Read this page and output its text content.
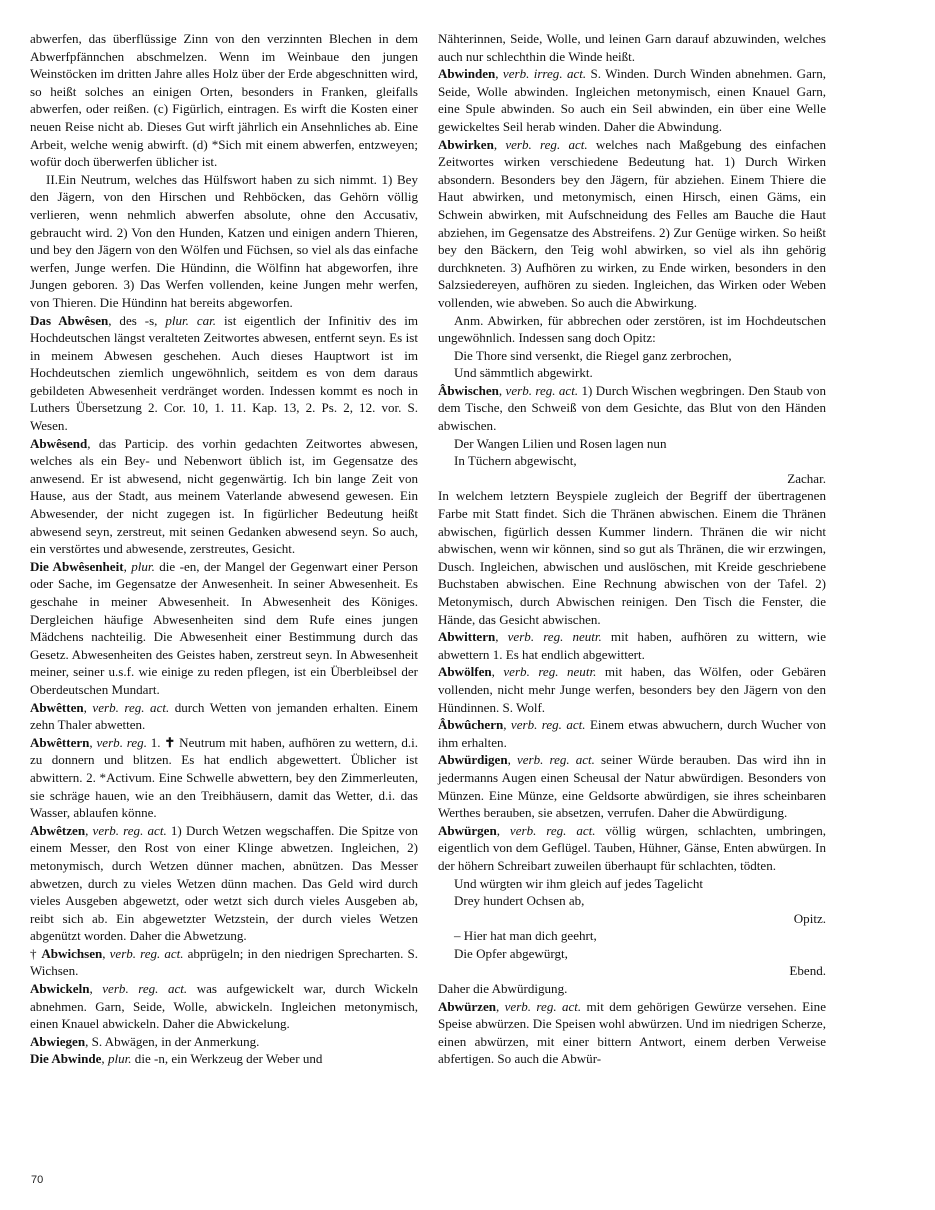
abwerfen, das überflüssige Zinn von den verzinnten Blechen in dem Abwerfpfännchen abschmelzen. Wenn im Weinbaue den jungen Weinstöcken im dritten Jahre alles Holz über der Erde abgeschnitten wird, so heißt solches an einigen Orten, besonders in Franken, gleifalls abwerfen, oder reißen. (c) Figürlich, eintragen. Es wirft die Kosten einer neuen Reise nicht ab. Dieses Gut wirft jährlich ein Ansehnliches ab. Eine Arbeit, welche wenig abwirft. (d) *Sich mit einem abwerfen, entzweyen; wofür doch überwerfen üblicher ist.

II.Ein Neutrum, welches das Hülfswort haben zu sich nimmt. 1) Bey den Jägern, von den Hirschen und Rehböcken, das Gehörn völlig verlieren, wenn nehmlich abwerfen absolute, ohne den Accusativ, gebraucht wird. 2) Von den Hunden, Katzen und einigen andern Thieren, und bey den Jägern von den Wölfen und Füchsen, so viel als das einfache werfen, Junge werfen. Die Hündinn, die Wölfinn hat abgeworfen, ihre Jungen geboren. 3) Das Werfen vollenden, keine Jungen mehr werfen, von Thieren. Die Hündinn hat bereits abgeworfen.

Das Abwêsen, des -s, plur. car. ist eigentlich der Infinitiv des im Hochdeutschen längst veralteten Zeitwortes abwesen, entfernt seyn. Es ist in meinem Abwesen geschehen. Auch dieses Hauptwort ist im Hochdeutschen ziemlich ungewöhnlich, seitdem es von dem daraus gebildeten Abwesenheit verdränget worden. Indessen kommt es noch in Luthers Übersetzung 2. Cor. 10, 1. 11. Kap. 13, 2. Ps. 2, 12. vor. S. Wesen.

Abwêsend, das Particip. des vorhin gedachten Zeitwortes abwesen, welches als ein Bey- und Nebenwort üblich ist, im Gegensatze des anwesend. Er ist abwesend, nicht gegenwärtig. Ich bin lange Zeit von Hause, aus der Stadt, aus meinem Vaterlande abwesend gewesen. Ein Abwesender, der nicht zugegen ist. In figürlicher Bedeutung heißt abwesend seyn, zerstreut, mit seinen Gedanken abwesend seyn. So auch, ein verstörtes und abwesende, zerstreutes, Gesicht.

Die Abwêsenheit, plur. die -en, der Mangel der Gegenwart einer Person oder Sache, im Gegensatze der Anwesenheit. In seiner Abwesenheit. Es geschahe in meiner Abwesenheit. In Abwesenheit des Königes. Dergleichen häufige Abwesenheiten sind dem Rufe eines jungen Mädchens nachteilig. Die Abwesenheit einer Bestimmung durch das Gesetz. Abwesenheiten des Geistes haben, zerstreut seyn. In Abwesenheit meiner, seiner u.s.f. wie einige zu reden pflegen, ist ein Überbleibsel der Oberdeutschen Mundart.

Abwêtten, verb. reg. act. durch Wetten von jemanden erhalten. Einem zehn Thaler abwetten.

Abwêttern, verb. reg. 1. ✝ Neutrum mit haben, aufhören zu wettern, d.i. zu donnern und blitzen. Es hat endlich abgewettert. Üblicher ist abwittern. 2. *Activum. Eine Schwelle abwettern, bey den Zimmerleuten, sie schräge hauen, wie an den Treibhäusern, damit das Wetter, d.i. das Wasser, ablaufen könne.

Abwêtzen, verb. reg. act. 1) Durch Wetzen wegschaffen. Die Spitze von einem Messer, den Rost von einer Klinge abwetzen. Ingleichen, 2) metonymisch, durch Wetzen dünner machen, abnützen. Das Messer abwetzen, durch zu vieles Wetzen dünn machen. Das Geld wird durch vieles Ausgeben abgewetzt, oder wetzt sich durch vieles Ausgeben ab, reibt sich ab. Ein abgewetzter Wetzstein, der durch vieles Wetzen abgenützt worden. Daher die Abwetzung.

† Abwichsen, verb. reg. act. abprügeln; in den niedrigen Sprecharten. S. Wichsen.

Abwickeln, verb. reg. act. was aufgewickelt war, durch Wickeln abnehmen. Garn, Seide, Wolle, abwickeln. Ingleichen metonymisch, einen Knauel abwickeln. Daher die Abwickelung.

Abwiegen, S. Abwägen, in der Anmerkung.

Die Abwinde, plur. die -n, ein Werkzeug der Weber und

Nähterinnen, Seide, Wolle, und leinen Garn darauf abzuwinden, welches auch nur schlechthin die Winde heißt.

Abwinden, verb. irreg. act. S. Winden. Durch Winden abnehmen. Garn, Seide, Wolle abwinden. Ingleichen metonymisch, einen Knauel Garn, eine Spule abwinden. So auch ein Seil abwinden, ein über eine Welle gewickeltes Seil herab winden. Daher die Abwindung.

Abwirken, verb. reg. act. welches nach Maßgebung des einfachen Zeitwortes wirken verschiedene Bedeutung hat. 1) Durch Wirken absondern. Besonders bey den Jägern, für abziehen. Einem Thiere die Haut abwirken, und metonymisch, einen Hirsch, einen Gäms, ein Schwein abwirken, mit Aufschneidung des Felles am Bauche die Haut abziehen, im Gegensatze des Abstreifens. 2) Zur Genüge wirken. So heißt bey den Bäckern, den Teig wohl abwirken, so viel als ihn gehörig durchkneten. 3) Aufhören zu wirken, zu Ende wirken, besonders in den Salzsiedereyen, aufhören zu sieden. Ingleichen, das Wirken oder Weben vollenden, wie abweben. So auch die Abwirkung.

Anm. Abwirken, für abbrechen oder zerstören, ist im Hochdeutschen ungewöhnlich. Indessen sang doch Opitz:

Die Thore sind versenkt, die Riegel ganz zerbrochen,

Und sämmtlich abgewirkt.

Âbwischen, verb. reg. act. 1) Durch Wischen wegbringen. Den Staub von dem Tische, den Schweiß von dem Gesichte, das Blut von den Händen abwischen.

Der Wangen Lilien und Rosen lagen nun

In Tüchern abgewischt,

Zachar.

In welchem letztern Beyspiele zugleich der Begriff der übertragenen Farbe mit Statt findet. Sich die Thränen abwischen. Einem die Thränen abwischen, figürlich dessen Kummer lindern. Thränen die wir nicht abwischen, wenn wir können, sind so gut als Thränen, die wir erzwingen, Dusch. Ingleichen, abwischen und auslöschen, mit Kreide geschriebene Buchstaben abwischen. Eine Rechnung abwischen von der Tafel. 2) Metonymisch, durch Abwischen reinigen. Den Tisch die Fenster, die Hände, das Gesicht abwischen.

Abwittern, verb. reg. neutr. mit haben, aufhören zu wittern, wie abwettern 1. Es hat endlich abgewittert.

Abwölfen, verb. reg. neutr. mit haben, das Wölfen, oder Gebären vollenden, nicht mehr Junge werfen, besonders bey den Jägern von den Hündinnen. S. Wolf.

Âbwûchern, verb. reg. act. Einem etwas abwuchern, durch Wucher von ihm erhalten.

Abwürdigen, verb. reg. act. seiner Würde berauben. Das wird ihn in jedermanns Augen einen Scheusal der Natur abwürdigen. Besonders von Münzen. Eine Münze, eine Geldsorte abwürdigen, sie ihres scheinbaren Werthes berauben, sie absetzen, verrufen. Daher die Abwürdigung.

Abwürgen, verb. reg. act. völlig würgen, schlachten, umbringen, eigentlich von dem Geflügel. Tauben, Hühner, Gänse, Enten abwürgen. In der höhern Schreibart zuweilen überhaupt für schlachten, tödten.

Und würgten wir ihm gleich auf jedes Tagelicht

Drey hundert Ochsen ab,

Opitz.

– Hier hat man dich geehrt,

Die Opfer abgewürgt,

Ebend.

Daher die Abwürdigung.

Abwürzen, verb. reg. act. mit dem gehörigen Gewürze versehen. Eine Speise abwürzen. Die Speisen wohl abwürzen. Und im niedrigen Scherze, einen abwürzen, mit einer bittern Antwort, einem derben Verweise abfertigen. So auch die Abwür-

70
